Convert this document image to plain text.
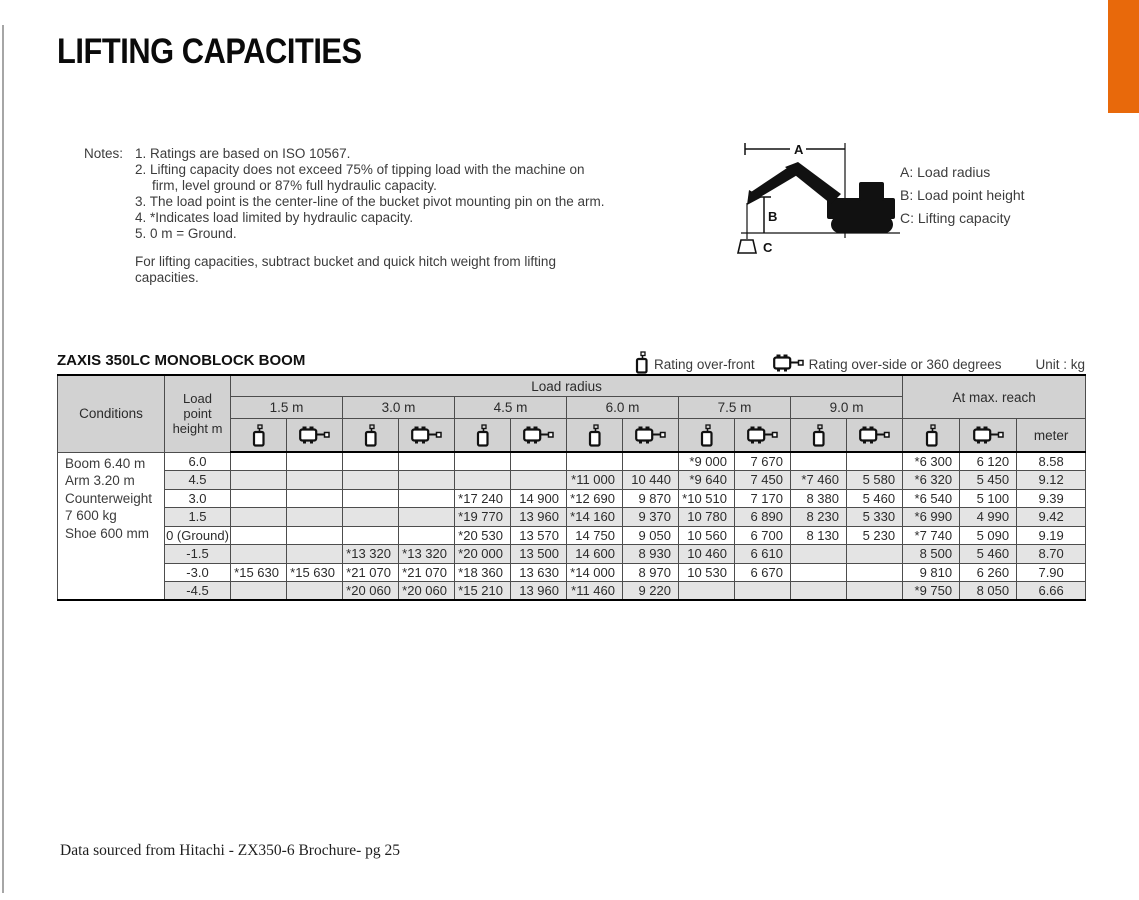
LIFTING CAPACITIES
Notes: 1. Ratings are based on ISO 10567.
2. Lifting capacity does not exceed 75% of tipping load with the machine on firm, level ground or 87% full hydraulic capacity.
3. The load point is the center-line of the bucket pivot mounting pin on the arm.
4. *Indicates load limited by hydraulic capacity.
5. 0 m = Ground.
For lifting capacities, subtract bucket and quick hitch weight from lifting capacities.
A
B
C
A: Load radius
B: Load point height
C: Lifting capacity
ZAXIS 350LC MONOBLOCK BOOM	Rating over-front	Rating over-side or 360 degrees	Unit : kg
Conditions	Load point height m	Load radius												At max. reach		
		1.5 m		3.0 m		4.5 m		6.0 m		7.5 m		9.0 m				
														meter

Boom 6.40 m
Arm 3.20 m
Counterweight
7 600 kg
Shoe 600 mm	6.0									*9 000	7 670			*6 300	6 120	8.58
	4.5							*11 000	10 440	*9 640	7 450	*7 460	5 580	*6 320	5 450	9.12
	3.0					*17 240	14 900	*12 690	9 870	*10 510	7 170	8 380	5 460	*6 540	5 100	9.39
	1.5					*19 770	13 960	*14 160	9 370	10 780	6 890	8 230	5 330	*6 990	4 990	9.42
	0 (Ground)					*20 530	13 570	14 750	9 050	10 560	6 700	8 130	5 230	*7 740	5 090	9.19
	-1.5			*13 320	*13 320	*20 000	13 500	14 600	8 930	10 460	6 610			8 500	5 460	8.70
	-3.0	*15 630	*15 630	*21 070	*21 070	*18 360	13 630	*14 000	8 970	10 530	6 670			9 810	6 260	7.90
	-4.5			*20 060	*20 060	*15 210	13 960	*11 460	9 220					*9 750	8 050	6.66
Data sourced from Hitachi - ZX350-6 Brochure- pg 25
